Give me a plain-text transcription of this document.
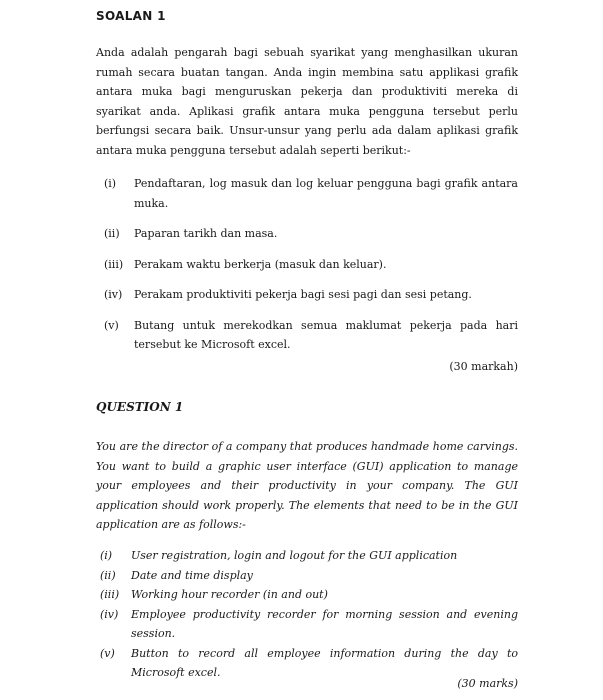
SOALAN 1
Anda adalah pengarah bagi sebuah syarikat yang menghasilkan ukuran rumah secara buatan tangan. Anda ingin membina satu applikasi grafik antara muka bagi menguruskan pekerja dan produktiviti mereka di syarikat anda. Aplikasi grafik antara muka pengguna tersebut perlu berfungsi secara baik. Unsur-unsur yang perlu ada dalam aplikasi grafik antara muka pengguna tersebut adalah seperti berikut:-
(i)	Pendaftaran, log masuk dan log keluar pengguna bagi grafik antara muka.
(ii)	Paparan tarikh dan masa.
(iii) Perakam waktu berkerja (masuk dan keluar).
(iv)	Perakam produktiviti pekerja bagi sesi pagi dan sesi petang.
(v)	Butang untuk merekodkan semua maklumat pekerja pada hari tersebut ke Microsoft excel.
(30 markah)
QUESTION 1
You are the director of a company that produces handmade home carvings. You want to build a graphic user interface (GUI) application to manage your employees and their productivity in your company. The GUI application should work properly. The elements that need to be in the GUI application are as follows:-
(i)	User registration, login and logout for the GUI application
(ii)	Date and time display
(iii)	Working hour recorder (in and out)
(iv)	Employee productivity recorder for morning session and evening session.
(v)	Button to record all employee information during the day to Microsoft excel.
(30 marks)
